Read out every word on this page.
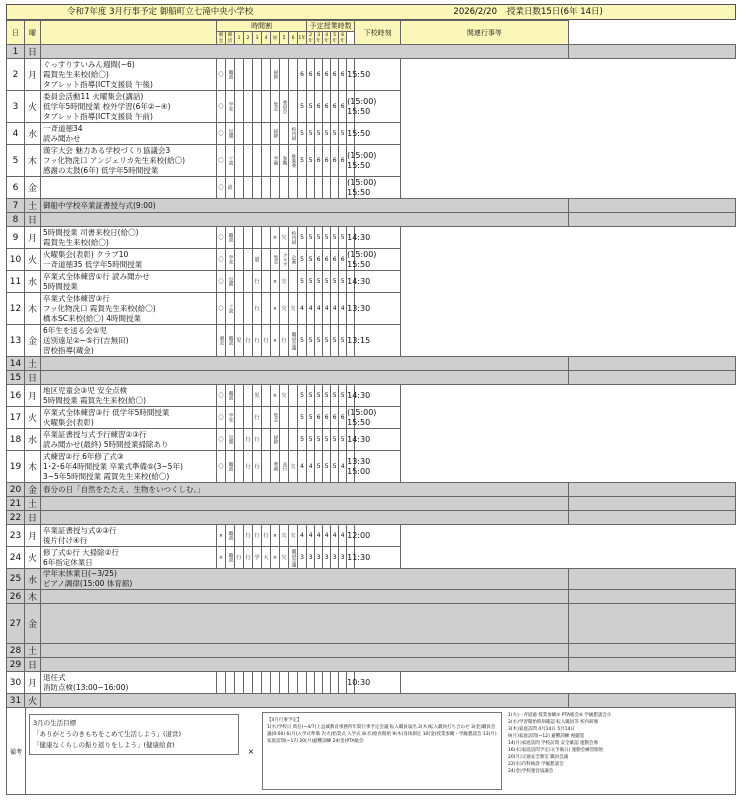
令和7年度 3月行事予定 御船町立七滝中央小学校	2026/2/20	授業日数15日(6年 14日)
日	曜		時間割										予定授業時数						下校時刻	関連行事等	
			朝会	朝活	1	2	3	4	昼	5	6	1年	2年	3年	4年	5年	6年				
1	日																				
2	月	ぐっすりすいみん週間(~6)
霞賀先生来校(給〇)
タブレット指導(ICT支援員 午後)	〇	職読					掃除			6	6	6	6	6	6	15:50			
3	火	委員会活動11 火曜集会(講話)
低学年5時間授業 校外学習(6年②~④)
タブレット指導(ICT支援員 午前)	〇	学充					集会	委員会		5	5	6	6	6	6	(15:00)
15:50			
4	水	一斉道徳34
読み聞かせ	〇	見聞					掃除		校内研	5	5	5	5	5	5	15:50			
5	木	漢字大会 魅力ある学校づくり協議会3
フッ化物洗口 アンジェリカ先生来校(給〇)
感謝の太鼓(6年) 低学年5時間授業	〇	フ読					学級	参観	推進委	5	5	6	6	6	6	(15:00)
15:50			
6	金		〇	読														(15:00)
15:50			
7	土	御船中学校卒業証書授与式(9:00)																			
8	日																				
9	月	5時間授業 司書来校日(給〇)
霞賀先生来校(給〇)	〇	職読					×	欠	校内研	5	5	5	5	5	5	14:30			
10	火	火曜集会(表彰) クラブ10
一斉道徳35 低学年5時間授業	〇	学充			道		集会	クラブ	企画	5	5	6	6	6	6	(15:00)
15:50			
11	水	卒業式全体練習①行 読み聞かせ
5時間授業	〇	見聞			行		×	欠		5	5	5	5	5	5	14:30			
12	木	卒業式全体練習③行
フッ化物洗口 霞賀先生来校(給〇)
橋本SC来校(給〇) 4時間授業	〇	フ読			行		×	欠	欠	4	4	4	4	4	4	13:30			
13	金	6年生を送る会①児
送別遠足②~⑤行(吉無田)
習校指導(蔵金)	朝会	職読	児	行	行	行	×	行	職員会議	5	5	5	5	5	5	13:15			
14	土																				
15	日																				
16	月	地区児童会③児 安全点検
5時間授業 霞賀先生来校(給〇)	〇	職読			児		×	欠		5	5	5	5	5	5	14:30			
17	火	卒業式全体練習③行 低学年5時間授業
火曜集会(表彰)	〇	学充			行		集会			5	5	6	6	6	6	(15:00)
15:50			
18	水	卒業証書授与式予行練習②③行
読み聞かせ(最終) 5時間授業掃除あり	〇	見聞		行	行		掃除			5	5	5	5	5	5	14:30			
19	木	式練習②行 6年修了式③
1･2･6年4時間授業 卒業式準備⑤(3~5年)
3~5年5時間授業 霞賀先生来校(給〇)	〇	職読		行	行		準備	長行	欠	4	4	5	5	5	4	13:30
15:00			
20	金	春分の日「自然をたたえ、生物をいつくしむ。」																			
21	土																				
22	日																				
23	月	卒業証書授与式②③行
後片付け④行	×	職読		行	行	行	×	欠	欠	4	4	4	4	4	4	12:00			
24	火	修了式①行 大掃除②行
6年指定休業日	×	職読	行	行	学	大	×	欠	職員会議	3	3	3	3	3	3	11:30			
25	水	学年末休業日(~3/25)
ピアノ調律(15:00 体育館)																			
26	木																				
27	金																				
28	土																				
29	日																				
30	月	退任式
消防点検(13:00~16:00)																10:30			
31	火																				
備考
3月の生活目標
「ありがとうのきもちをこめて生活しよう」(道営)
「健康なくらしの振り返りをしよう」(健康給食)
×
【4月行事予定】
1(水)学校日 新任(~4/7)上益城教育事務所年間行事予定会議 転入職員届出 2(木)転入職員打ち合わせ 3(金)職員会議(9:00) 6(月)入学式準備 7(火)始業式 入学式 8(水)給食開始 9(木)身体測定 10(金)授業参観・学級懇談会 13(月)家庭訪問(~17) 20(月)避難訓練 24(金)PTA総会
1(火)一斉道徳 授業参観⑤ PTA総会⑥ 学級懇談会⑦
2(水)学習開始時刻確認 転入職員等 校内研修
3(木)家庭訪問 4月14日 5月14日
9(月)家庭訪問(~12) 避難訓練 視聴覚
14(月)家庭訪問 学校訪問 安全確認 運動会係
16(水)家庭訪問予定日(予備日) 運動会練習開始
20(月)交通安全教室 職員会議
22(水)内科検診 学級懇談会
24(金)学校運営協議会
